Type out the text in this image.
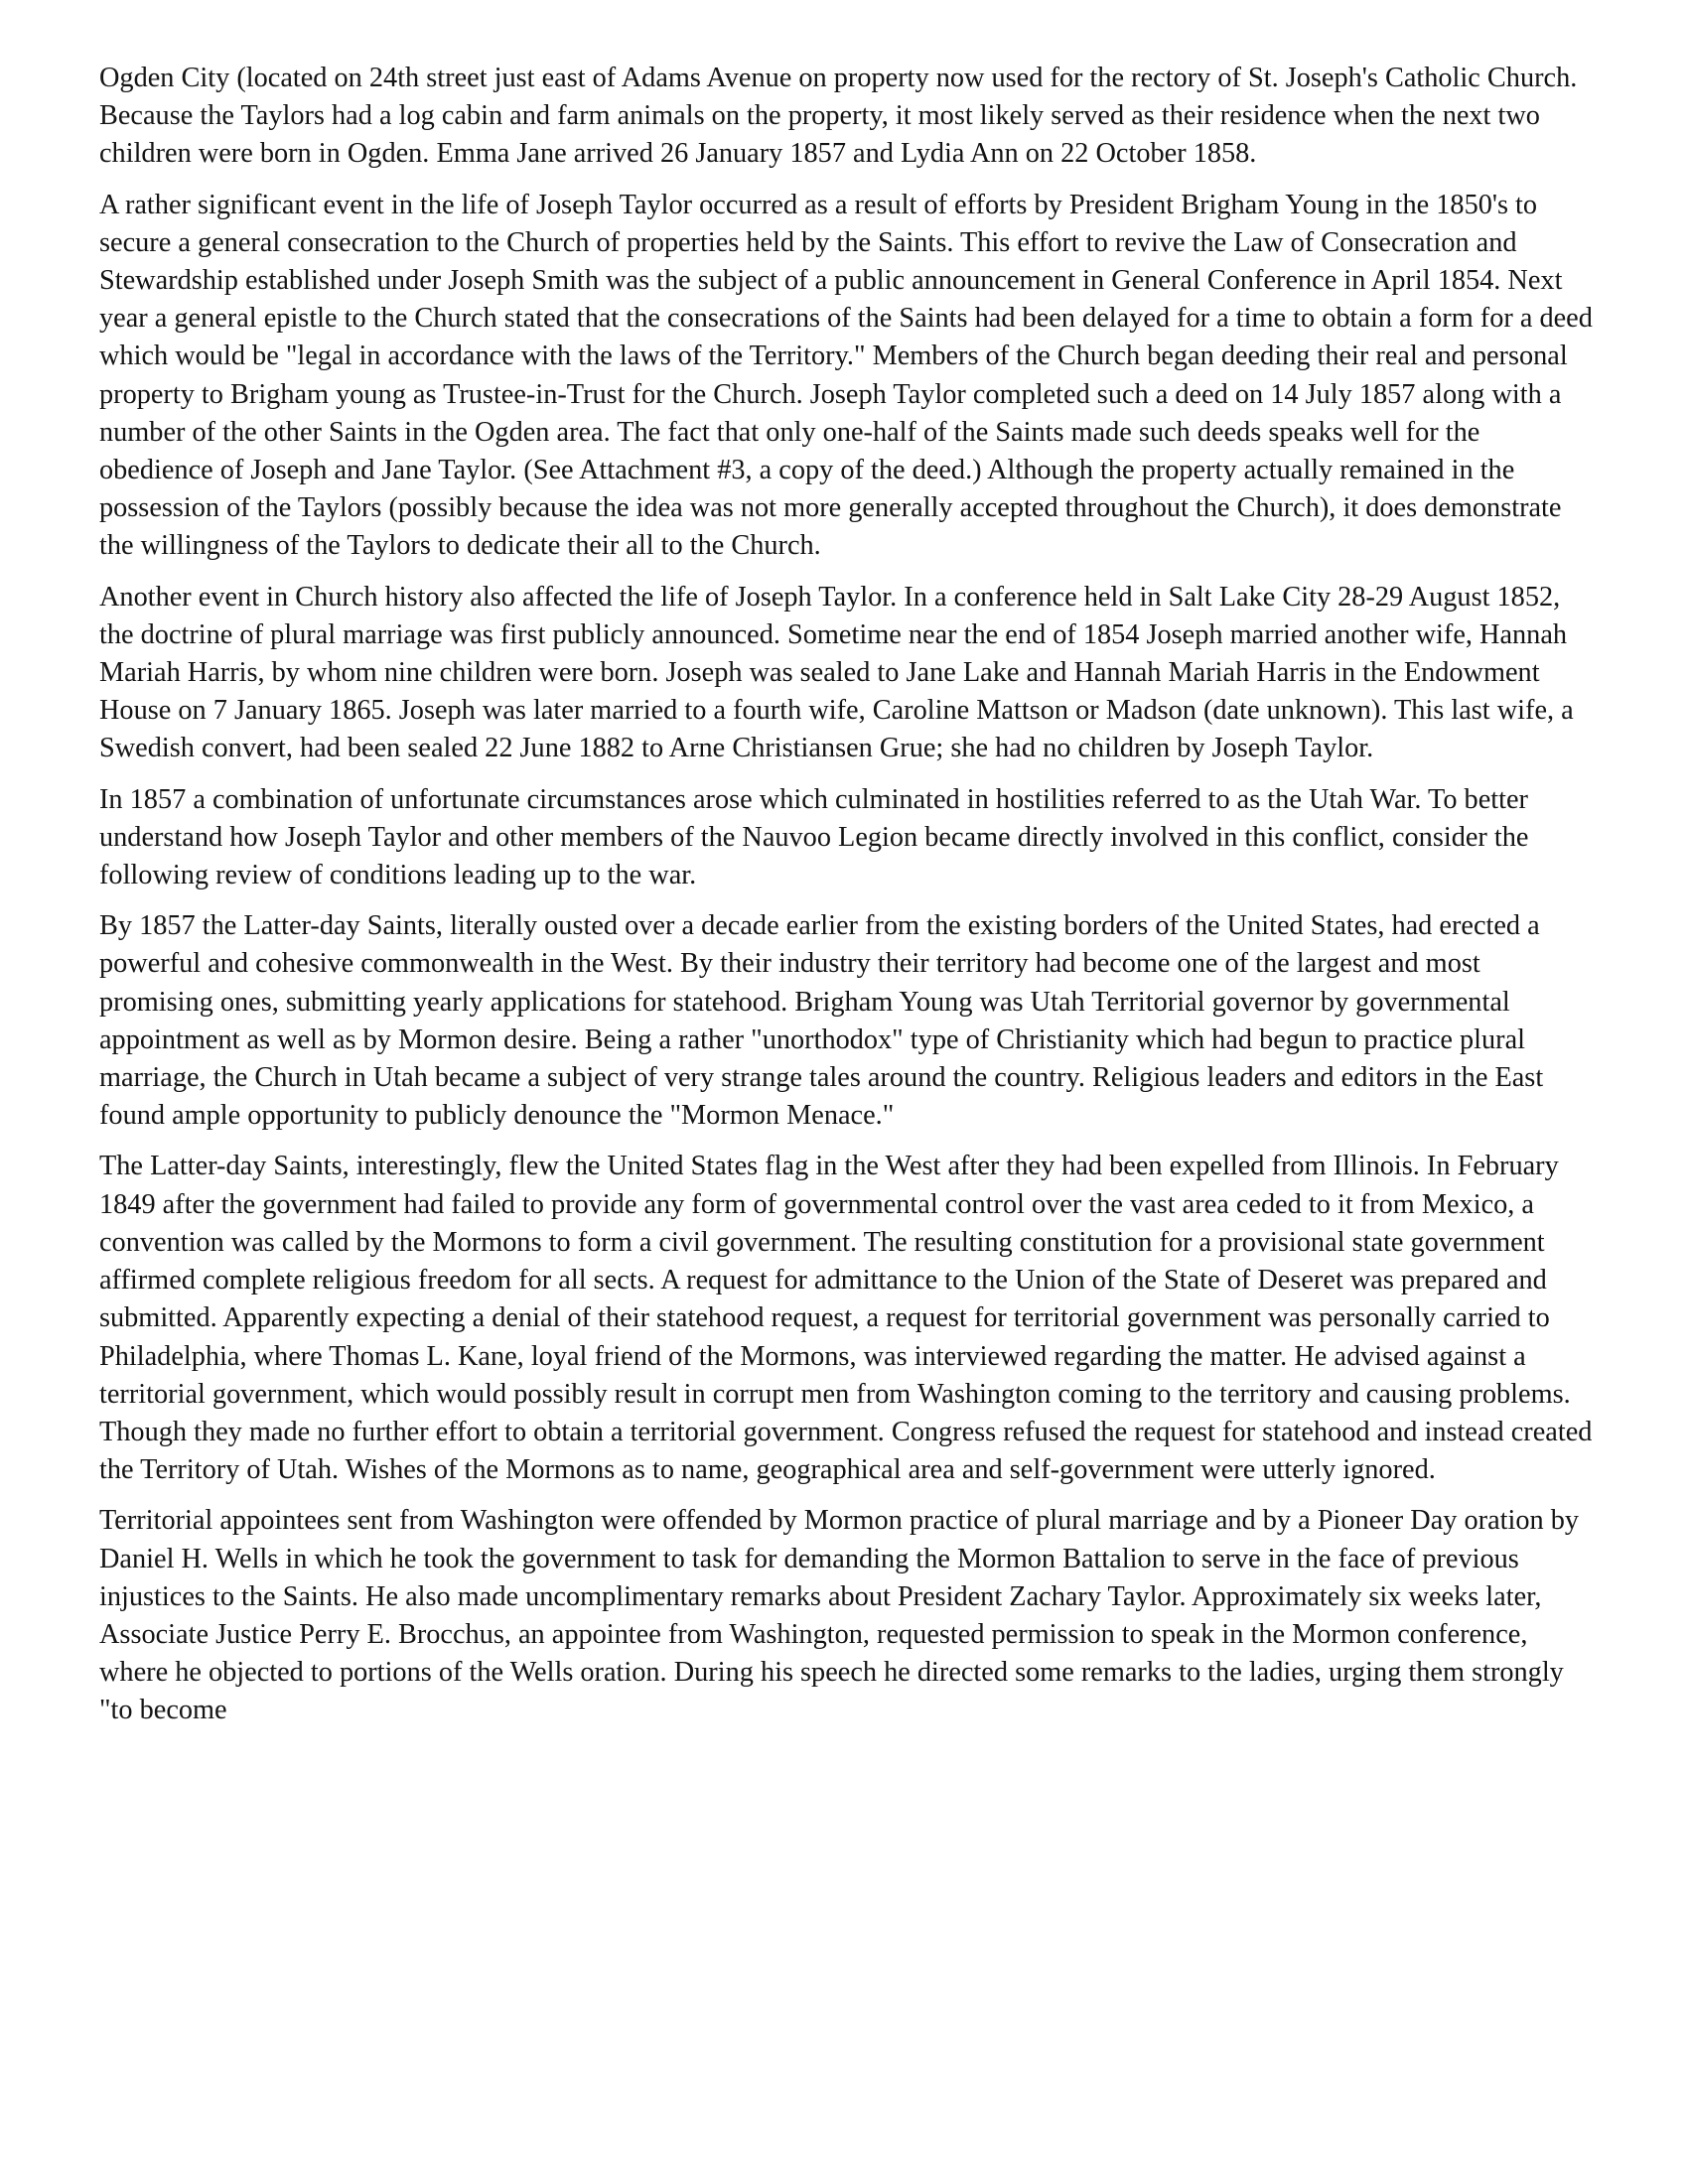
Ogden City (located on 24th street just east of Adams Avenue on property now used for the rectory of St. Joseph's Catholic Church. Because the Taylors had a log cabin and farm animals on the property, it most likely served as their residence when the next two children were born in Ogden. Emma Jane arrived 26 January 1857 and Lydia Ann on 22 October 1858.

A rather significant event in the life of Joseph Taylor occurred as a result of efforts by President Brigham Young in the 1850's to secure a general consecration to the Church of properties held by the Saints. This effort to revive the Law of Consecration and Stewardship established under Joseph Smith was the subject of a public announcement in General Conference in April 1854. Next year a general epistle to the Church stated that the consecrations of the Saints had been delayed for a time to obtain a form for a deed which would be "legal in accordance with the laws of the Territory." Members of the Church began deeding their real and personal property to Brigham young as Trustee-in-Trust for the Church. Joseph Taylor completed such a deed on 14 July 1857 along with a number of the other Saints in the Ogden area. The fact that only one-half of the Saints made such deeds speaks well for the obedience of Joseph and Jane Taylor. (See Attachment #3, a copy of the deed.) Although the property actually remained in the possession of the Taylors (possibly because the idea was not more generally accepted throughout the Church), it does demonstrate the willingness of the Taylors to dedicate their all to the Church.

Another event in Church history also affected the life of Joseph Taylor. In a conference held in Salt Lake City 28-29 August 1852, the doctrine of plural marriage was first publicly announced. Sometime near the end of 1854 Joseph married another wife, Hannah Mariah Harris, by whom nine children were born. Joseph was sealed to Jane Lake and Hannah Mariah Harris in the Endowment House on 7 January 1865. Joseph was later married to a fourth wife, Caroline Mattson or Madson (date unknown). This last wife, a Swedish convert, had been sealed 22 June 1882 to Arne Christiansen Grue; she had no children by Joseph Taylor.

In 1857 a combination of unfortunate circumstances arose which culminated in hostilities referred to as the Utah War. To better understand how Joseph Taylor and other members of the Nauvoo Legion became directly involved in this conflict, consider the following review of conditions leading up to the war.

By 1857 the Latter-day Saints, literally ousted over a decade earlier from the existing borders of the United States, had erected a powerful and cohesive commonwealth in the West. By their industry their territory had become one of the largest and most promising ones, submitting yearly applications for statehood. Brigham Young was Utah Territorial governor by governmental appointment as well as by Mormon desire. Being a rather "unorthodox" type of Christianity which had begun to practice plural marriage, the Church in Utah became a subject of very strange tales around the country. Religious leaders and editors in the East found ample opportunity to publicly denounce the "Mormon Menace."

The Latter-day Saints, interestingly, flew the United States flag in the West after they had been expelled from Illinois. In February 1849 after the government had failed to provide any form of governmental control over the vast area ceded to it from Mexico, a convention was called by the Mormons to form a civil government. The resulting constitution for a provisional state government affirmed complete religious freedom for all sects. A request for admittance to the Union of the State of Deseret was prepared and submitted. Apparently expecting a denial of their statehood request, a request for territorial government was personally carried to Philadelphia, where Thomas L. Kane, loyal friend of the Mormons, was interviewed regarding the matter. He advised against a territorial government, which would possibly result in corrupt men from Washington coming to the territory and causing problems. Though they made no further effort to obtain a territorial government. Congress refused the request for statehood and instead created the Territory of Utah. Wishes of the Mormons as to name, geographical area and self-government were utterly ignored.

Territorial appointees sent from Washington were offended by Mormon practice of plural marriage and by a Pioneer Day oration by Daniel H. Wells in which he took the government to task for demanding the Mormon Battalion to serve in the face of previous injustices to the Saints. He also made uncomplimentary remarks about President Zachary Taylor. Approximately six weeks later, Associate Justice Perry E. Brocchus, an appointee from Washington, requested permission to speak in the Mormon conference, where he objected to portions of the Wells oration. During his speech he directed some remarks to the ladies, urging them strongly "to become
